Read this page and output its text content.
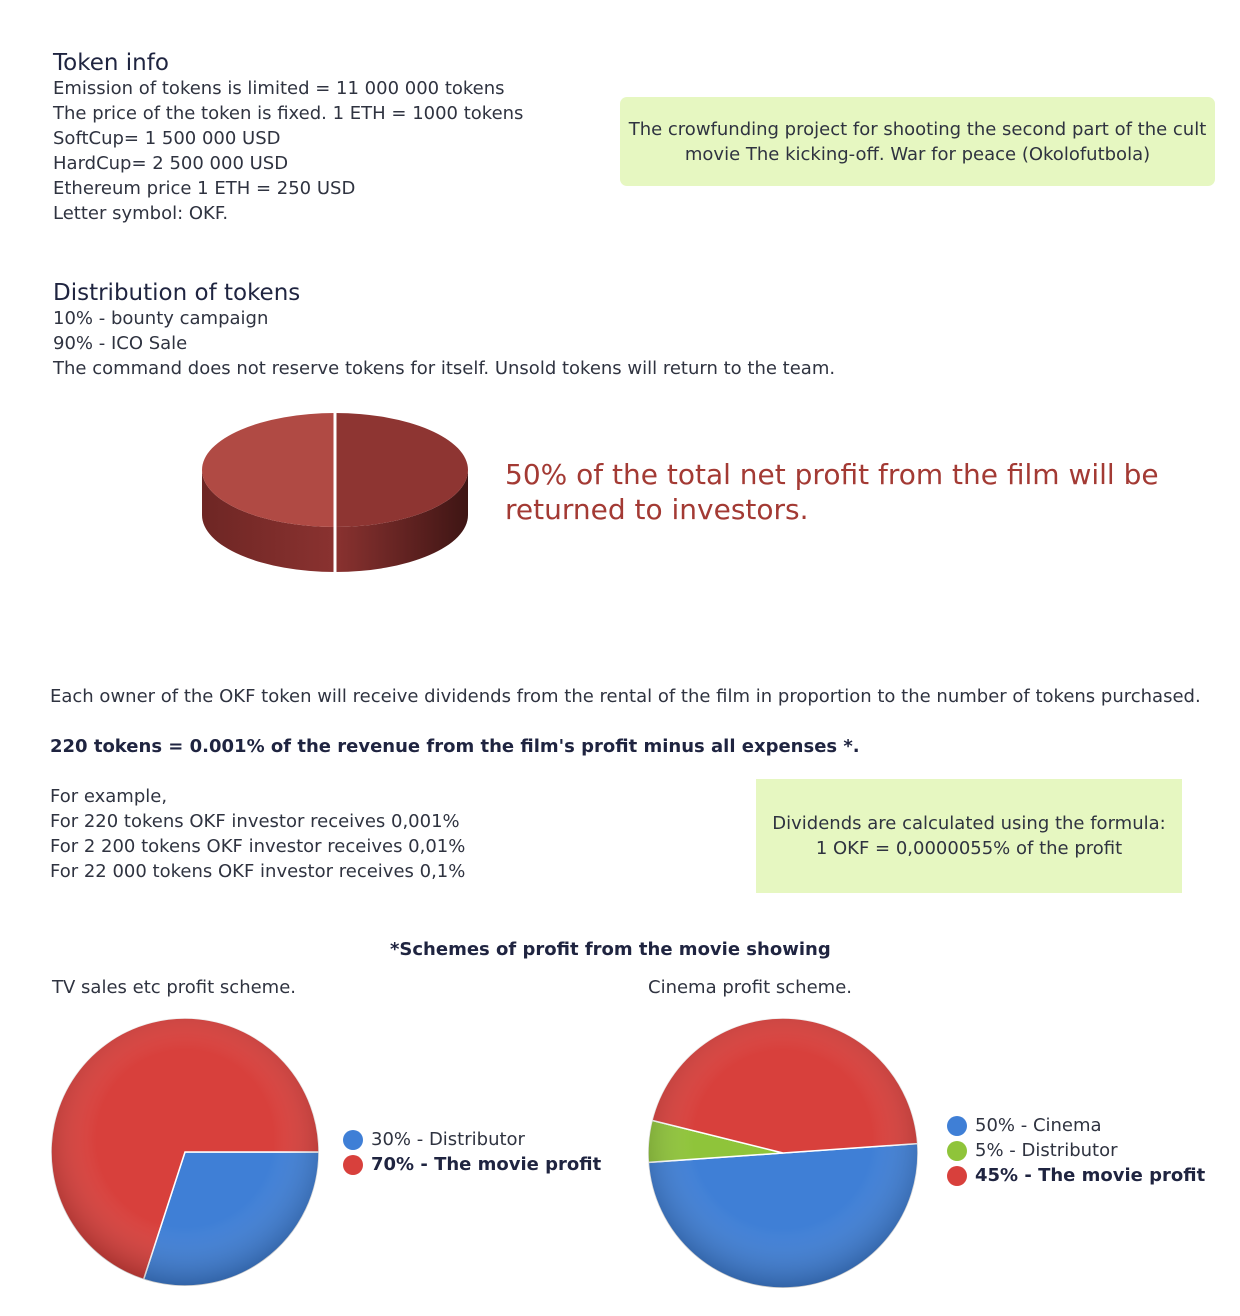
Token info
Emission of tokens is limited = 11 000 000 tokens
The price of the token is fixed. 1 ETH = 1000 tokens
SoftCup= 1 500 000 USD
HardCup= 2 500 000 USD
Ethereum price 1 ETH = 250 USD
Letter symbol: OKF.
The crowfunding project for shooting the second part of the cult movie The kicking-off. War for peace (Okolofutbola)
Distribution of tokens
10% - bounty campaign
90% - ICO Sale
The command does not reserve tokens for itself. Unsold tokens will return to the team.
50% of the total net profit from the film will be returned to investors.
Each owner of the OKF token will receive dividends from the rental of the film in proportion to the number of tokens purchased.
220 tokens = 0.001% of the revenue from the film's profit minus all expenses *.
For example,
For 220 tokens OKF investor receives 0,001%
For 2 200 tokens OKF investor receives 0,01%
For 22 000 tokens OKF investor receives 0,1%
Dividends are calculated using the formula:
1 OKF = 0,0000055% of the profit
*Schemes of profit from the movie showing
TV sales etc profit scheme.
30% - Distributor
70% - The movie profit
Cinema profit scheme.
50% - Cinema
5% - Distributor
45% - The movie profit
